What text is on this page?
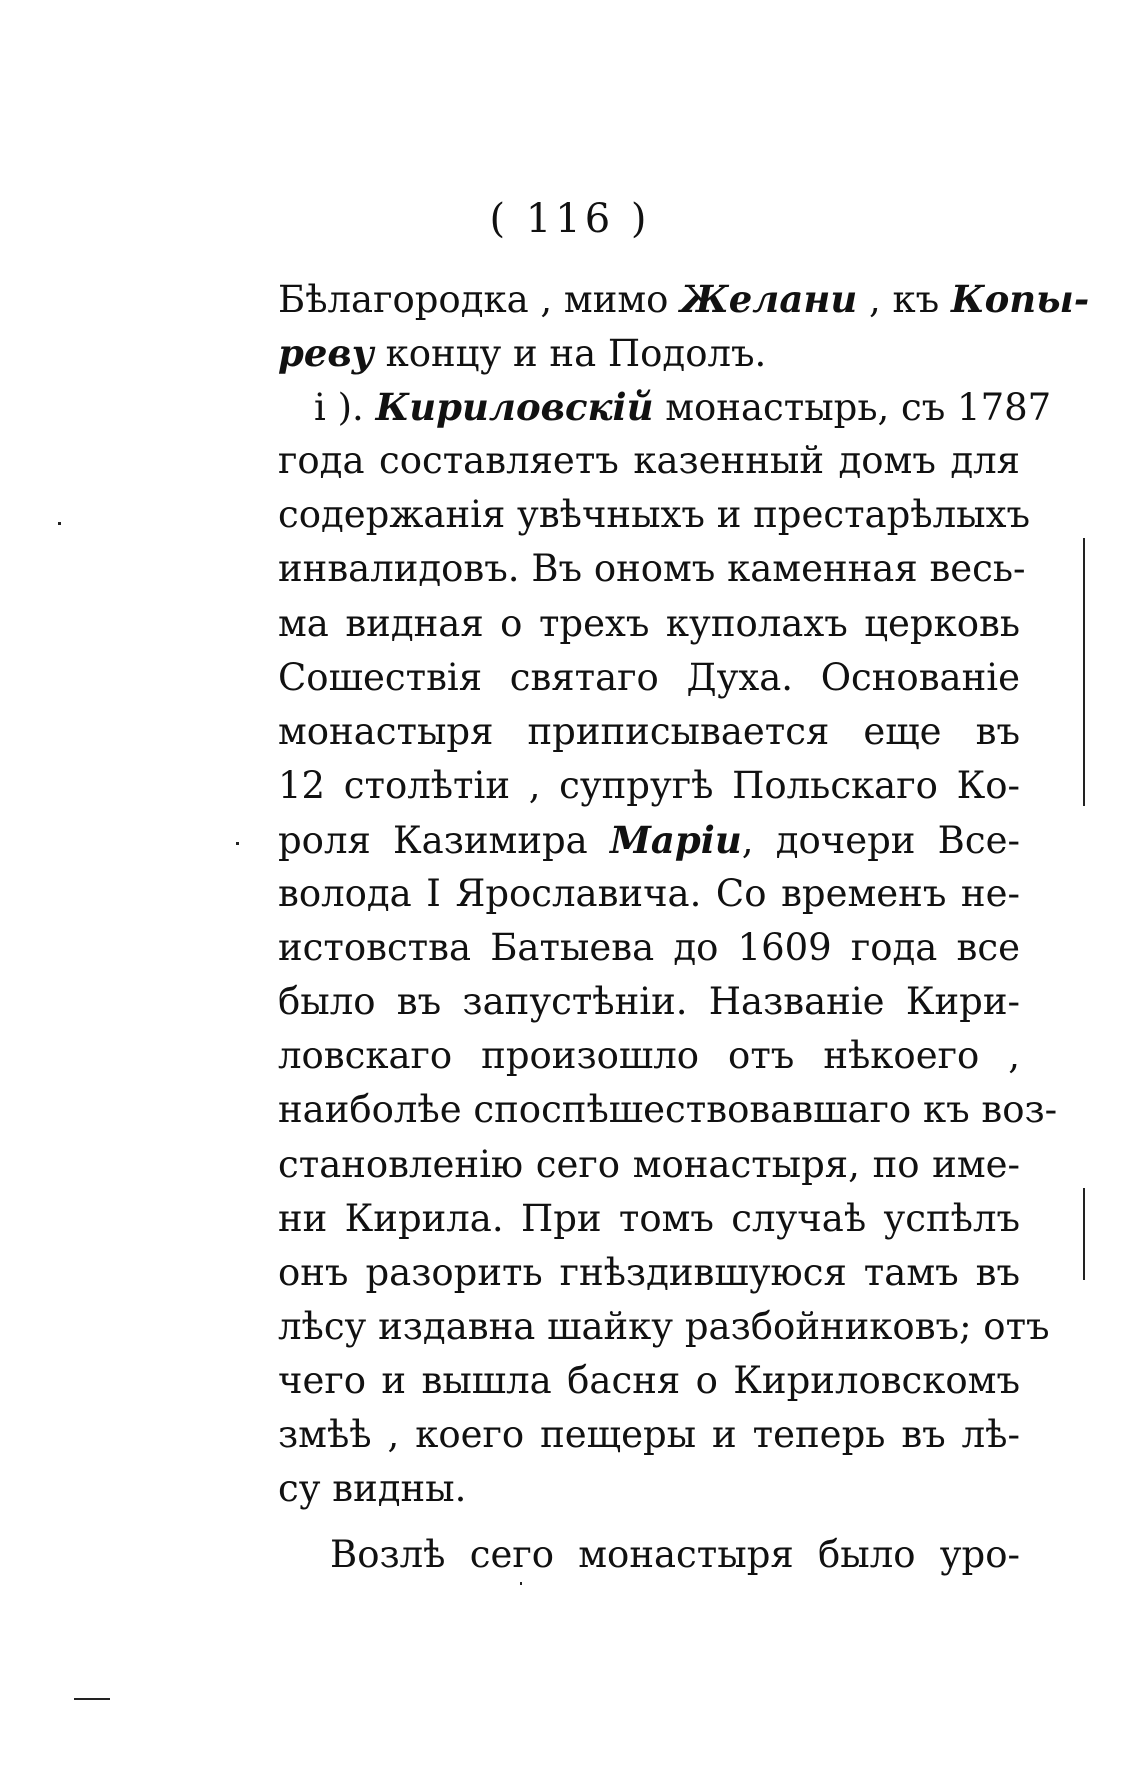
( 116 )
Бѣлагородка , мимо Желани , къ Копы-
реву концу и на Подолъ.
і ). Кириловскій монастырь, съ 1787
года составляетъ казенный домъ для
содержанія увѣчныхъ и престарѣлыхъ
инвалидовъ. Въ ономъ каменная весь-
ма видная о трехъ куполахъ церковь
Сошествія святаго Духа. Основаніе
монастыря приписывается еще въ
12 столѣтіи , супругѣ Польскаго Ко-
роля Казимира Маріи, дочери Все-
волода I Ярославича. Со временъ не-
истовства Батыева до 1609 года все
было въ запустѣніи. Названіе Кири-
ловскаго произошло отъ нѣкоего ,
наиболѣе споспѣшествовавшаго къ воз-
становленію сего монастыря, по име-
ни Кирила. При томъ случаѣ успѣлъ
онъ разорить гнѣздившуюся тамъ въ
лѣсу издавна шайку разбойниковъ; отъ
чего и вышла басня о Кириловскомъ
змѣѣ , коего пещеры и теперь въ лѣ-
су видны.
Возлѣ сего монастыря было уро-
